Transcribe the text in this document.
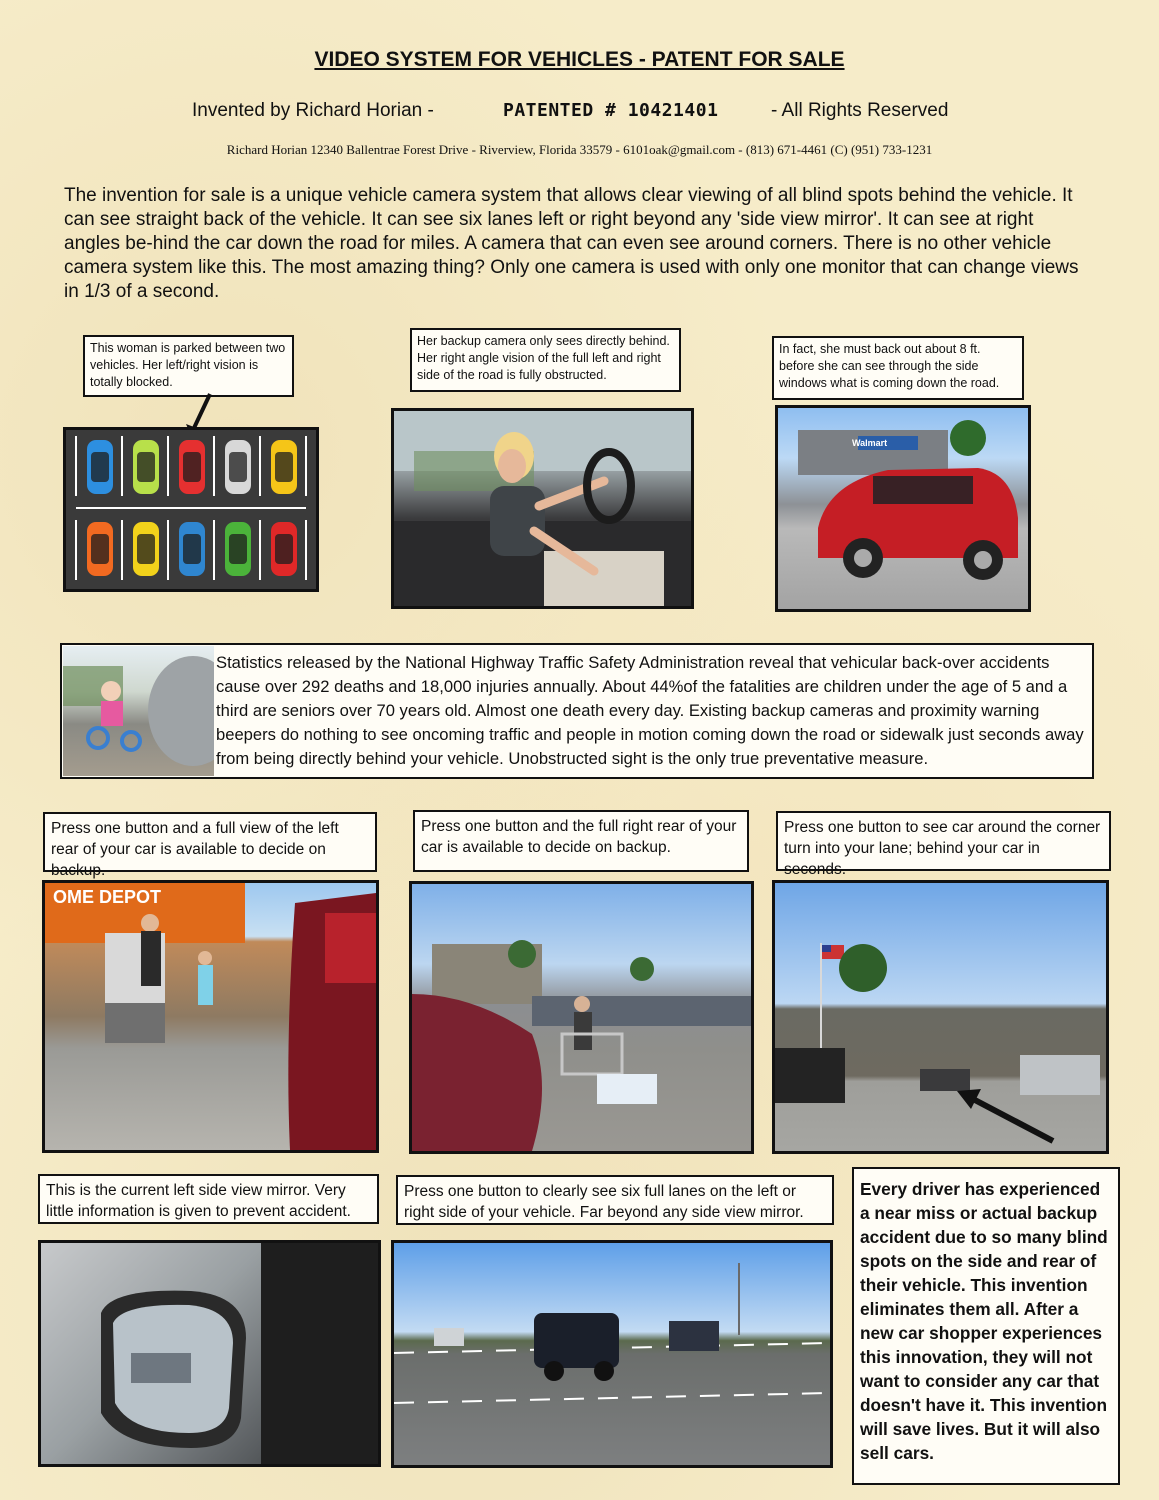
VIDEO SYSTEM FOR VEHICLES - PATENT FOR SALE
Invented by Richard Horian -	PATENTED # 10421401	- All Rights Reserved
Richard Horian 12340 Ballentrae Forest Drive - Riverview, Florida 33579 - 6101oak@gmail.com - (813) 671-4461 (C) (951) 733-1231
The invention for sale is a unique vehicle camera system that allows clear viewing of all blind spots behind the vehicle. It can see straight back of the vehicle. It can see six lanes left or right beyond any 'side view mirror'. It can see at right angles be-hind the car down the road for miles. A camera that can even see around corners. There is no other vehicle camera system like this. The most amazing thing? Only one camera is used with only one monitor that can change views in 1/3 of a second.
This woman is parked between two vehicles. Her left/right vision is totally blocked.
Her backup camera only sees directly behind. Her right angle vision of the full left and right side of the road is fully obstructed.
In fact, she must back out about 8 ft. before she can see through the side windows what is coming down the road.
Walmart
Statistics released by the National Highway Traffic Safety Administration reveal that vehicular back-over accidents cause over 292 deaths and 18,000 injuries annually. About 44%of the fatalities are children under the age of 5 and a third are seniors over 70 years old. Almost one death every day. Existing backup cameras and proximity warning beepers do nothing to see oncoming traffic and people in motion coming down the road or sidewalk just seconds away from being directly behind your vehicle. Unobstructed sight is the only true preventative measure.
Press one button and a full view of the left rear of your car is available to decide on backup.
OME DEPOT
Press one button and the full right rear of your car is available to decide on backup.
Press one button to see car around the corner turn into your lane; behind your car in seconds.
This is the current left side view mirror. Very little information is given to prevent accident.
Press one button to clearly see six full lanes on the left or right side of your vehicle. Far beyond any side view mirror.
Every driver has experienced a near miss or actual backup accident due to so many blind spots on the side and rear of their vehicle. This invention eliminates them all. After a new car shopper experiences this innovation, they will not want to consider any car that doesn't have it. This invention will save lives. But it will also sell cars.
